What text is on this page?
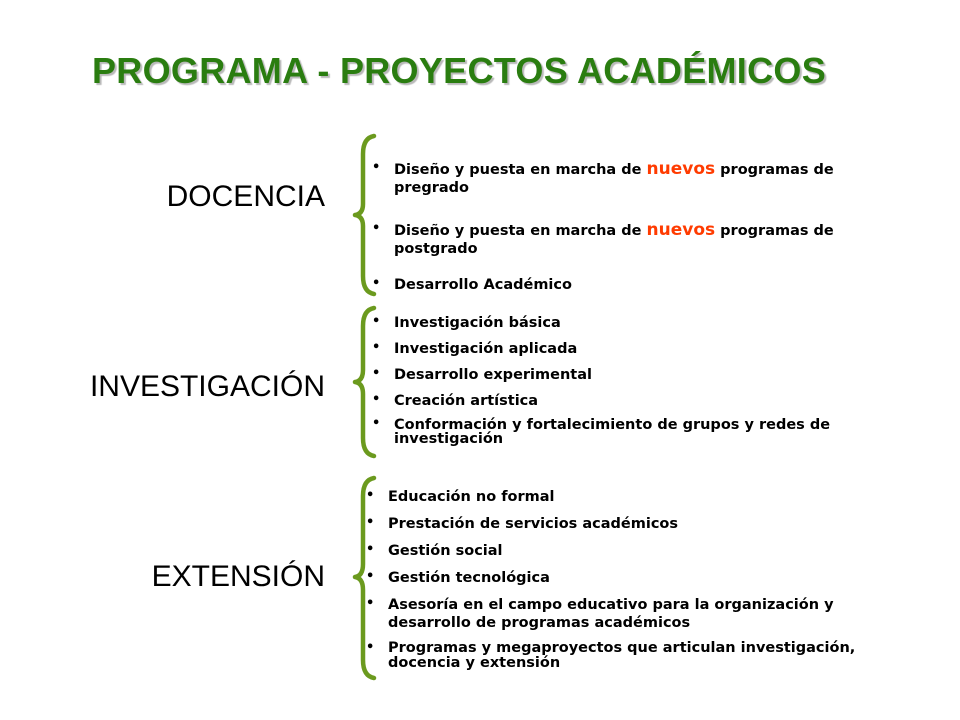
PROGRAMA - PROYECTOS ACADÉMICOS
DOCENCIA
• Diseño y puesta en marcha de nuevos programas de pregrado
• Diseño y puesta en marcha de nuevos programas de postgrado
• Desarrollo Académico
INVESTIGACIÓN
• Investigación básica
• Investigación aplicada
• Desarrollo experimental
• Creación artística
• Conformación y fortalecimiento de grupos y redes de investigación
EXTENSIÓN
• Educación no formal
• Prestación de servicios académicos
• Gestión social
• Gestión tecnológica
• Asesoría en el campo educativo para la organización y desarrollo de programas académicos
• Programas y megaproyectos que articulan investigación, docencia y extensión
